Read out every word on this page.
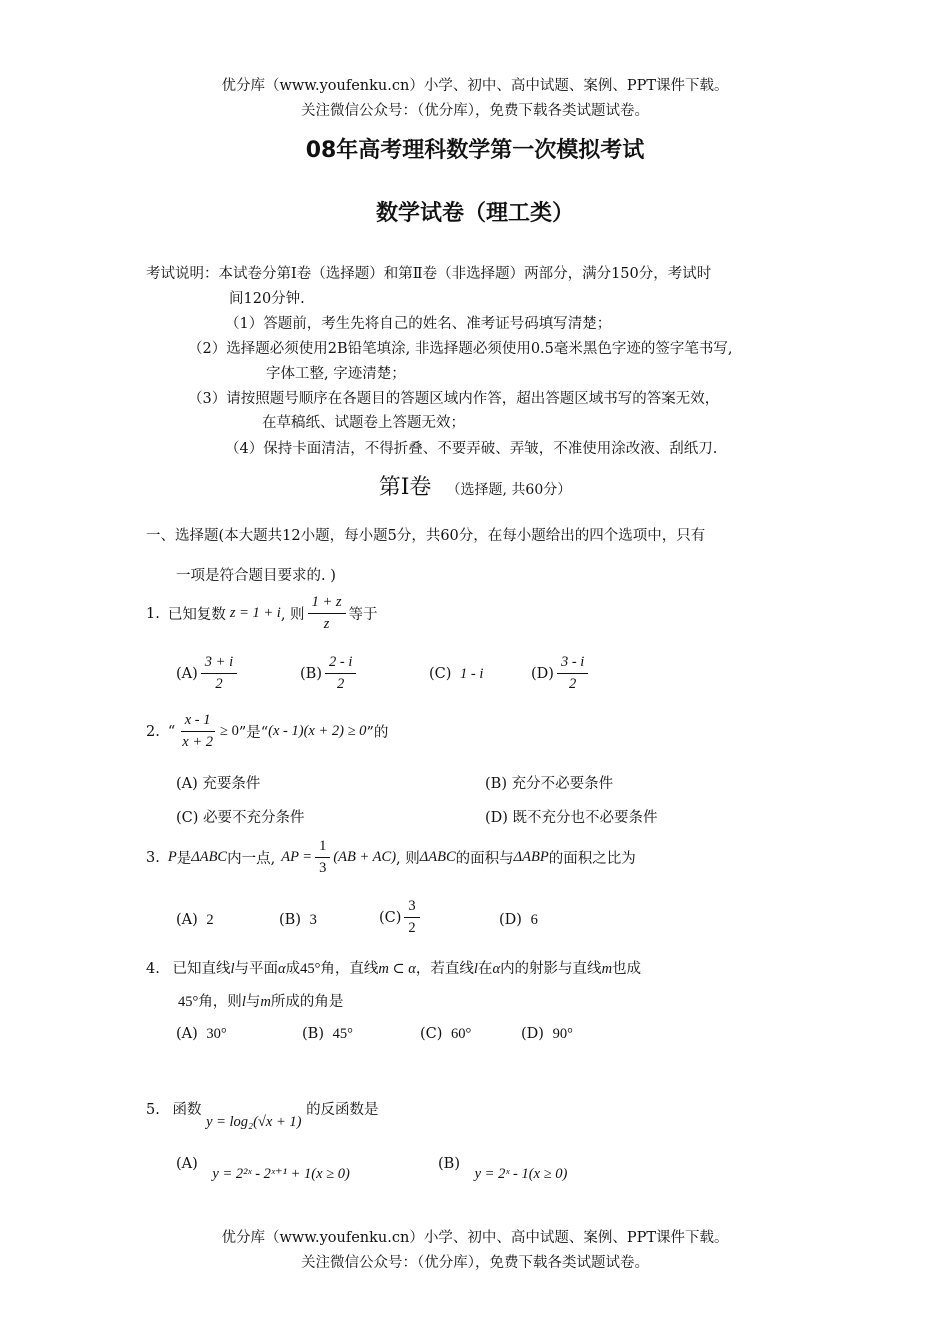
优分库（www.youfenku.cn）小学、初中、高中试题、案例、PPT课件下载。
关注微信公众号：（优分库），免费下载各类试题试卷。
08年高考理科数学第一次模拟考试
数学试卷（理工类）
考试说明：本试卷分第Ⅰ卷（选择题）和第Ⅱ卷（非选择题）两部分，满分150分，考试时
间120分钟.
（1）答题前，考生先将自己的姓名、准考证号码填写清楚；
（2）选择题必须使用2B铅笔填涂, 非选择题必须使用0.5毫米黑色字迹的签字笔书写,
字体工整, 字迹清楚；
（3）请按照题号顺序在各题目的答题区域内作答，超出答题区域书写的答案无效，
在草稿纸、试题卷上答题无效；
（4）保持卡面清洁，不得折叠、不要弄破、弄皱，不准使用涂改液、刮纸刀.
第Ⅰ卷 （选择题, 共60分）
一、选择题(本大题共12小题，每小题5分，共60分，在每小题给出的四个选项中，只有
一项是符合题目要求的. )
1. 已知复数 z = 1 + i , 则 $\frac{1 + z}{z}$ 等于
$(A) \frac{3 + i}{2}$	$(B) \frac{2 - i}{2}$	(C) 1 - i	$(D) \frac{3 - i}{2}$
2. “ $\frac{x - 1}{x + 2} \ge 0$ ”是“ (x - 1)(x + 2) ≥ 0 ”的
(A) 充要条件	(B) 充分不必要条件
(C) 必要不充分条件	(D) 既不充分也不必要条件
3. P 是 ΔABC 内一点, AP = $\frac{1}{3} (AB + AC)$ , 则 ΔABC 的面积与 ΔABP 的面积之比为
(A) 2	(B) 3	$(C) \frac{3}{2}$	(D) 6
4. 已知直线l与平面α成45°角，直线m ⊂ α，若直线l在α内的射影与直线m也成
45°角，则l与m所成的角是
(A) 30°	(B) 45°	(C) 60°	(D) 90°
5. 函数 y = log₂(√x + 1) 的反函数是
(A) y = 2²ˣ - 2ˣ⁺¹ + 1(x ≥ 0)
(B) y = 2ˣ - 1(x ≥ 0)
优分库（www.youfenku.cn）小学、初中、高中试题、案例、PPT课件下载。
关注微信公众号：（优分库），免费下载各类试题试卷。
